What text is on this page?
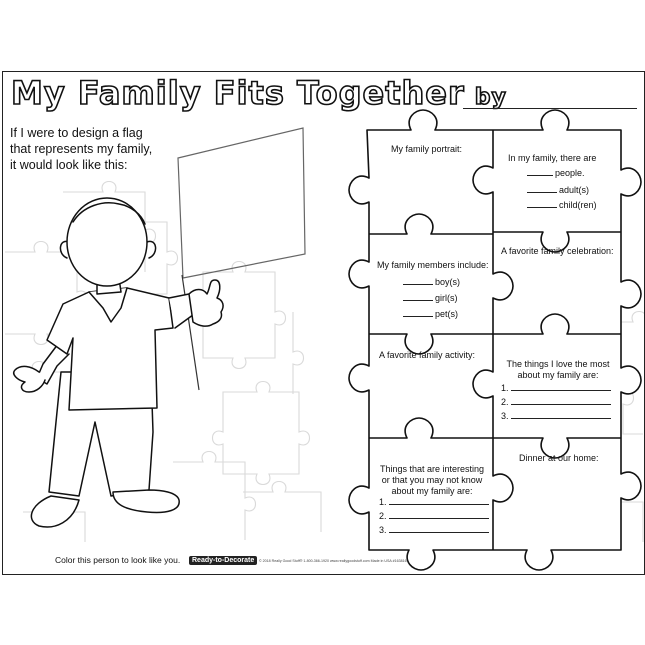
My Family Fits Together by
If I were to design a flag
that represents my family,
it would look like this:
My family portrait:
In my family, there are
people.
adult(s)
child(ren)
My family members include:
boy(s)
girl(s)
pet(s)
A favorite family celebration:
A favorite family activity:
The things I love the most
about my family are:
1.
2.
3.
Things that are interesting
or that you may not know
about my family are:
1.
2.
3.
Dinner at our home:
Color this person to look like you.	Ready-to-Decorate	© 2018 Really Good Stuff® 1-800-366-1920 www.reallygoodstuff.com Made in USA #163816
